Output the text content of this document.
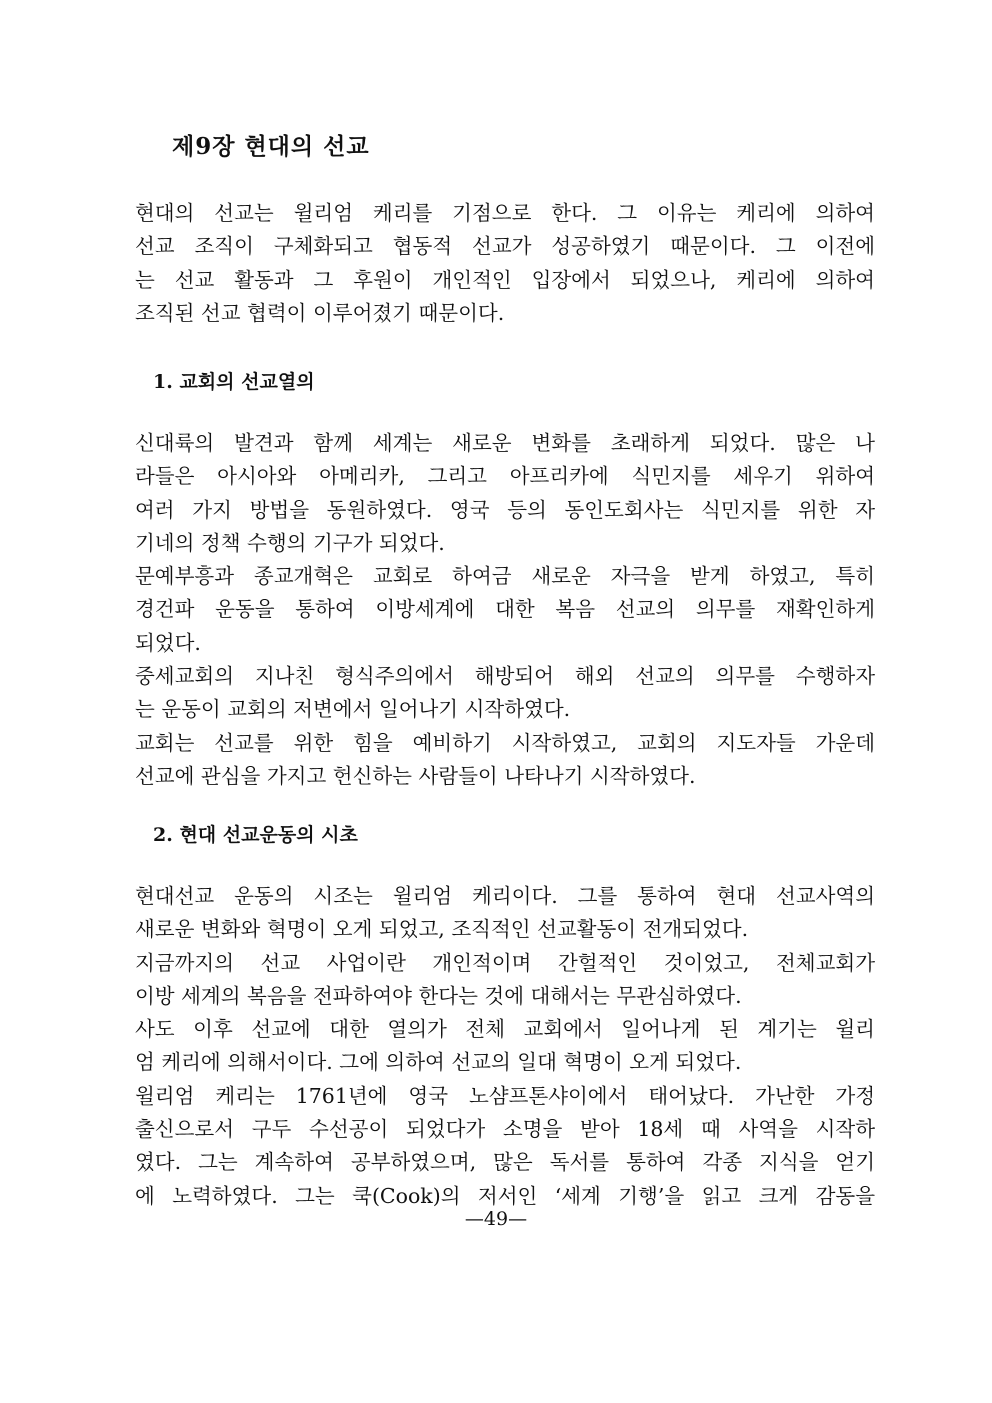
제9장 현대의 선교
현대의 선교는 윌리엄 케리를 기점으로 한다. 그 이유는 케리에 의하여
선교 조직이 구체화되고 협동적 선교가 성공하였기 때문이다. 그 이전에
는 선교 활동과 그 후원이 개인적인 입장에서 되었으나, 케리에 의하여
조직된 선교 협력이 이루어졌기 때문이다.
1. 교회의 선교열의
신대륙의 발견과 함께 세계는 새로운 변화를 초래하게 되었다. 많은 나
라들은 아시아와 아메리카, 그리고 아프리카에 식민지를 세우기 위하여
여러 가지 방법을 동원하였다. 영국 등의 동인도회사는 식민지를 위한 자
기네의 정책 수행의 기구가 되었다.
문예부흥과 종교개혁은 교회로 하여금 새로운 자극을 받게 하였고, 특히
경건파 운동을 통하여 이방세계에 대한 복음 선교의 의무를 재확인하게
되었다.
중세교회의 지나친 형식주의에서 해방되어 해외 선교의 의무를 수행하자
는 운동이 교회의 저변에서 일어나기 시작하였다.
교회는 선교를 위한 힘을 예비하기 시작하였고, 교회의 지도자들 가운데
선교에 관심을 가지고 헌신하는 사람들이 나타나기 시작하였다.
2. 현대 선교운동의 시초
현대선교 운동의 시조는 윌리엄 케리이다. 그를 통하여 현대 선교사역의
새로운 변화와 혁명이 오게 되었고, 조직적인 선교활동이 전개되었다.
지금까지의 선교 사업이란 개인적이며 간헐적인 것이었고, 전체교회가
이방 세계의 복음을 전파하여야 한다는 것에 대해서는 무관심하였다.
사도 이후 선교에 대한 열의가 전체 교회에서 일어나게 된 계기는 윌리
엄 케리에 의해서이다. 그에 의하여 선교의 일대 혁명이 오게 되었다.
윌리엄 케리는 1761년에 영국 노샴프톤샤이에서 태어났다. 가난한 가정
출신으로서 구두 수선공이 되었다가 소명을 받아 18세 때 사역을 시작하
였다. 그는 계속하여 공부하였으며, 많은 독서를 통하여 각종 지식을 얻기
에 노력하였다. 그는 쿡(Cook)의 저서인 ‘세계 기행’을 읽고 크게 감동을
—49—
